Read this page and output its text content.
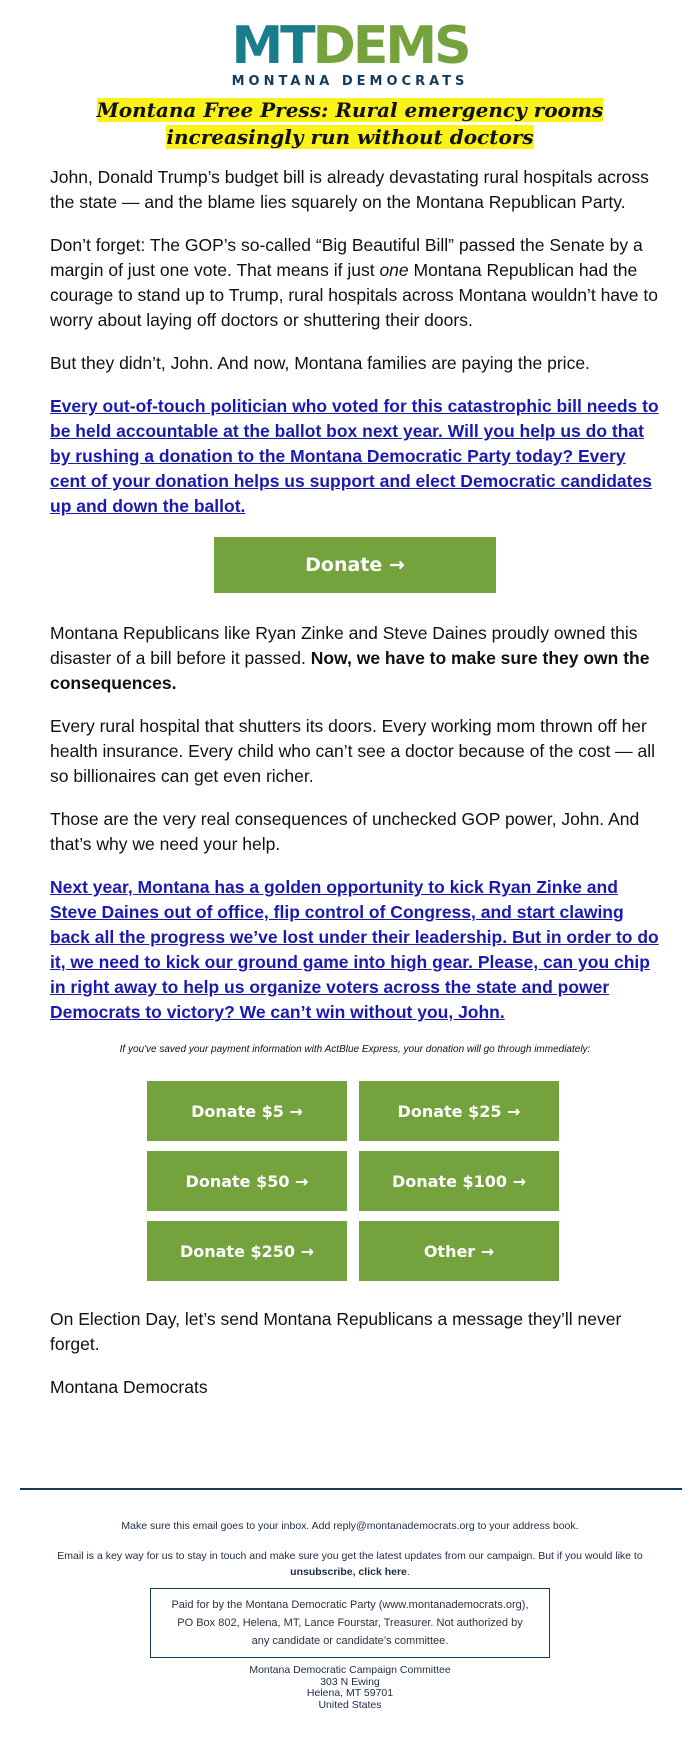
MTDEMS
MONTANA DEMOCRATS
Montana Free Press: Rural emergency rooms increasingly run without doctors

John, Donald Trump’s budget bill is already devastating rural hospitals across the state — and the blame lies squarely on the Montana Republican Party.

Don’t forget: The GOP’s so-called “Big Beautiful Bill” passed the Senate by a margin of just one vote. That means if just one Montana Republican had the courage to stand up to Trump, rural hospitals across Montana wouldn’t have to worry about laying off doctors or shuttering their doors.

But they didn’t, John. And now, Montana families are paying the price.

Every out-of-touch politician who voted for this catastrophic bill needs to be held accountable at the ballot box next year. Will you help us do that by rushing a donation to the Montana Democratic Party today? Every cent of your donation helps us support and elect Democratic candidates up and down the ballot.
Donate →

Montana Republicans like Ryan Zinke and Steve Daines proudly owned this disaster of a bill before it passed. Now, we have to make sure they own the consequences.

Every rural hospital that shutters its doors. Every working mom thrown off her health insurance. Every child who can’t see a doctor because of the cost — all so billionaires can get even richer.

Those are the very real consequences of unchecked GOP power, John. And that’s why we need your help.

Next year, Montana has a golden opportunity to kick Ryan Zinke and Steve Daines out of office, flip control of Congress, and start clawing back all the progress we’ve lost under their leadership. But in order to do it, we need to kick our ground game into high gear. Please, can you chip in right away to help us organize voters across the state and power Democrats to victory? We can’t win without you, John.

If you've saved your payment information with ActBlue Express, your donation will go through immediately:

Donate $5 →	Donate $25 →
Donate $50 →	Donate $100 →
Donate $250 →	Other →

On Election Day, let’s send Montana Republicans a message they’ll never forget.

Montana Democrats

Make sure this email goes to your inbox. Add reply@montanademocrats.org to your address book.

Email is a key way for us to stay in touch and make sure you get the latest updates from our campaign. But if you would like to unsubscribe, click here.

Paid for by the Montana Democratic Party (www.montanademocrats.org), PO Box 802, Helena, MT, Lance Fourstar, Treasurer. Not authorized by any candidate or candidate’s committee.
Montana Democratic Campaign Committee
303 N Ewing
Helena, MT 59701
United States
